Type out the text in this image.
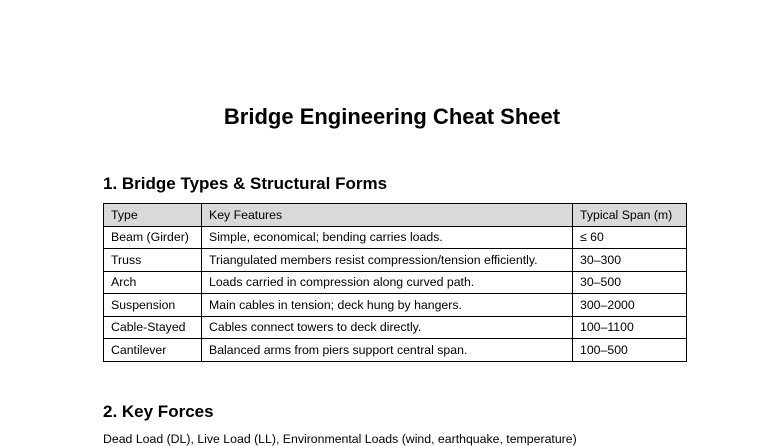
Bridge Engineering Cheat Sheet
1. Bridge Types & Structural Forms
Type	Key Features	Typical Span (m)
Beam (Girder)	Simple, economical; bending carries loads.	≤ 60
Truss	Triangulated members resist compression/tension efficiently.	30–300
Arch	Loads carried in compression along curved path.	30–500
Suspension	Main cables in tension; deck hung by hangers.	300–2000
Cable-Stayed	Cables connect towers to deck directly.	100–1100
Cantilever	Balanced arms from piers support central span.	100–500
2. Key Forces

Dead Load (DL), Live Load (LL), Environmental Loads (wind, earthquake, temperature)
